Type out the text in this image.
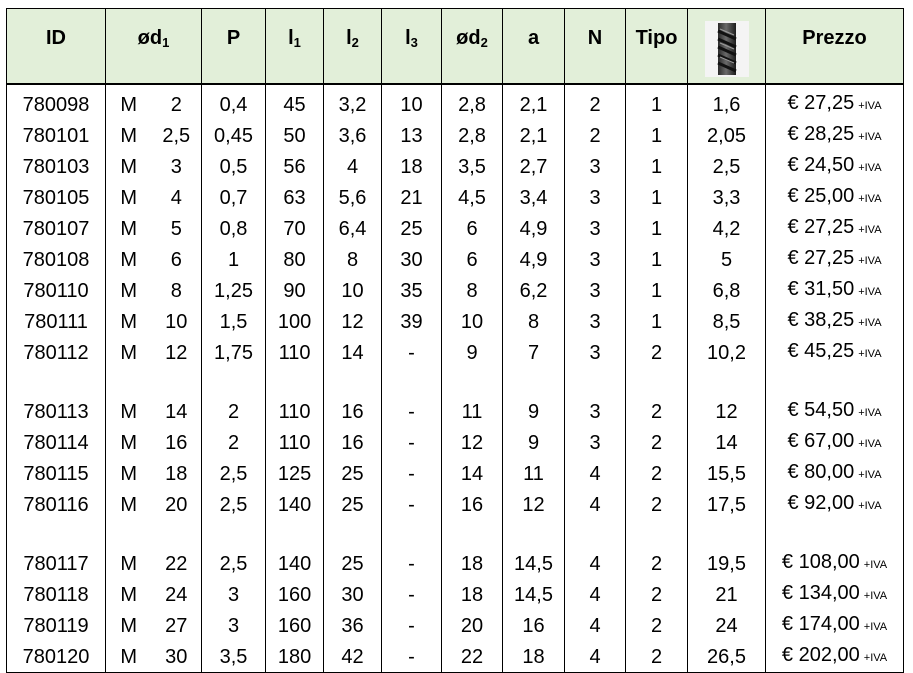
ID	$ød_1$		P	$l_1$	$l_2$	$l_3$	$ød_2$	a	N	Tipo		Prezzo
780098	M	2	0,4	45	3,2	10	2,8	2,1	2	1	1,6	€ 27,25 +IVA
780101	M	2,5	0,45	50	3,6	13	2,8	2,1	2	1	2,05	€ 28,25 +IVA
780103	M	3	0,5	56	4	18	3,5	2,7	3	1	2,5	€ 24,50 +IVA
780105	M	4	0,7	63	5,6	21	4,5	3,4	3	1	3,3	€ 25,00 +IVA
780107	M	5	0,8	70	6,4	25	6	4,9	3	1	4,2	€ 27,25 +IVA
780108	M	6	1	80	8	30	6	4,9	3	1	5	€ 27,25 +IVA
780110	M	8	1,25	90	10	35	8	6,2	3	1	6,8	€ 31,50 +IVA
780111	M	10	1,5	100	12	39	10	8	3	1	8,5	€ 38,25 +IVA
780112	M	12	1,75	110	14	-	9	7	3	2	10,2	€ 45,25 +IVA

780113	M	14	2	110	16	-	11	9	3	2	12	€ 54,50 +IVA
780114	M	16	2	110	16	-	12	9	3	2	14	€ 67,00 +IVA
780115	M	18	2,5	125	25	-	14	11	4	2	15,5	€ 80,00 +IVA
780116	M	20	2,5	140	25	-	16	12	4	2	17,5	€ 92,00 +IVA

780117	M	22	2,5	140	25	-	18	14,5	4	2	19,5	€ 108,00 +IVA
780118	M	24	3	160	30	-	18	14,5	4	2	21	€ 134,00 +IVA
780119	M	27	3	160	36	-	20	16	4	2	24	€ 174,00 +IVA
780120	M	30	3,5	180	42	-	22	18	4	2	26,5	€ 202,00 +IVA
